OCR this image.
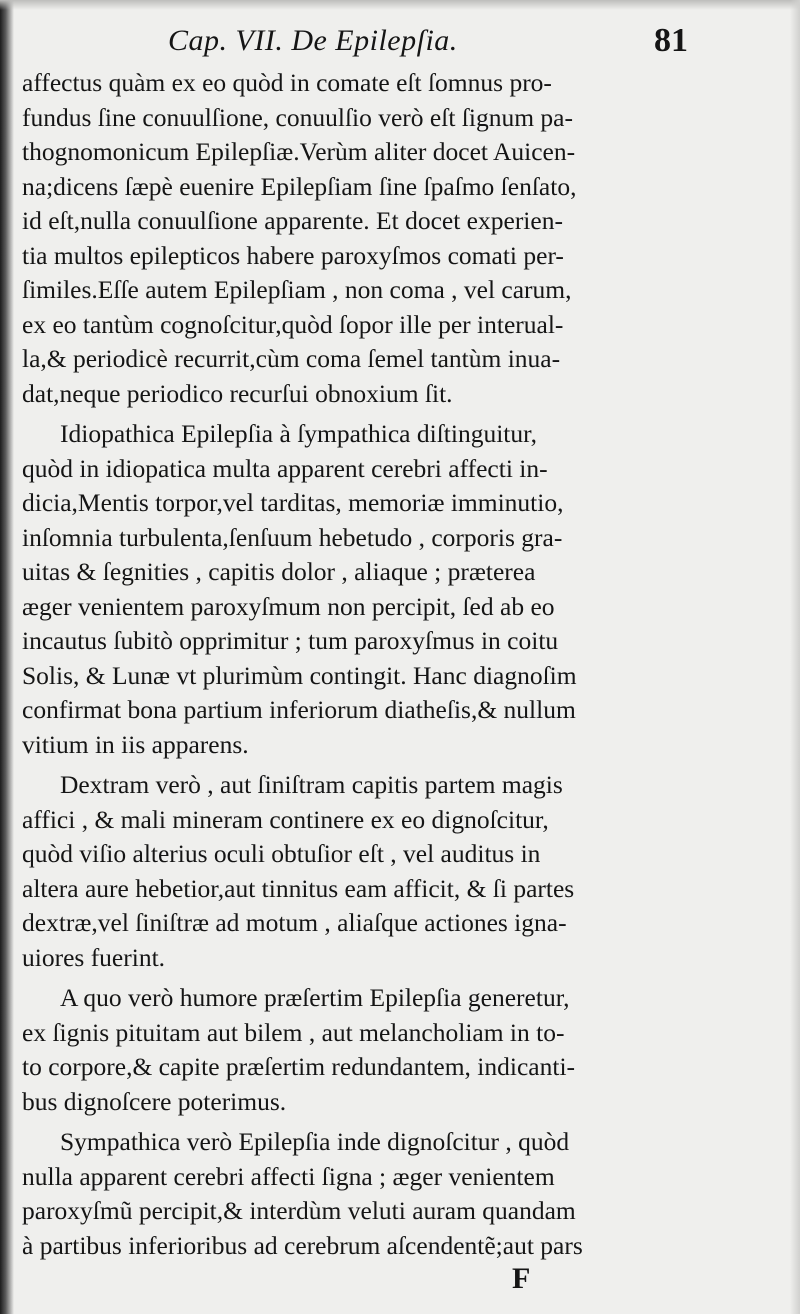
Cap. VII. De Epilepſia.	81

affectus quàm ex eo quòd in comate eſt ſomnus pro-
fundus ſine conuulſione, conuulſio verò eſt ſignum pa-
thognomonicum Epilepſiæ.Verùm aliter docet Auicen-
na;dicens ſæpè euenire Epilepſiam ſine ſpaſmo ſenſato,
id eſt,nulla conuulſione apparente. Et docet experien-
tia multos epilepticos habere paroxyſmos comati per-
ſimiles.Eſſe autem Epilepſiam , non coma , vel carum,
ex eo tantùm cognoſcitur,quòd ſopor ille per interual-
la,& periodicè recurrit,cùm coma ſemel tantùm inua-
dat,neque periodico recurſui obnoxium ſit.

Idiopathica Epilepſia à ſympathica diſtinguitur,
quòd in idiopatica multa apparent cerebri affecti in-
dicia,Mentis torpor,vel tarditas, memoriæ imminutio,
inſomnia turbulenta,ſenſuum hebetudo , corporis gra-
uitas & ſegnities , capitis dolor , aliaque ; præterea
æger venientem paroxyſmum non percipit, ſed ab eo
incautus ſubitò opprimitur ; tum paroxyſmus in coitu
Solis, & Lunæ vt plurimùm contingit. Hanc diagnoſim
confirmat bona partium inferiorum diatheſis,& nullum
vitium in iis apparens.

Dextram verò , aut ſiniſtram capitis partem magis
affici , & mali mineram continere ex eo dignoſcitur,
quòd viſio alterius oculi obtuſior eſt , vel auditus in
altera aure hebetior,aut tinnitus eam afficit, & ſi partes
dextræ,vel ſiniſtræ ad motum , aliaſque actiones igna-
uiores fuerint.

A quo verò humore præſertim Epilepſia generetur,
ex ſignis pituitam aut bilem , aut melancholiam in to-
to corpore,& capite præſertim redundantem, indicanti-
bus dignoſcere poterimus.

Sympathica verò Epilepſia inde dignoſcitur , quòd
nulla apparent cerebri affecti ſigna ; æger venientem
paroxyſmũ percipit,& interdùm veluti auram quandam
à partibus inferioribus ad cerebrum aſcendentẽ;aut pars

F
